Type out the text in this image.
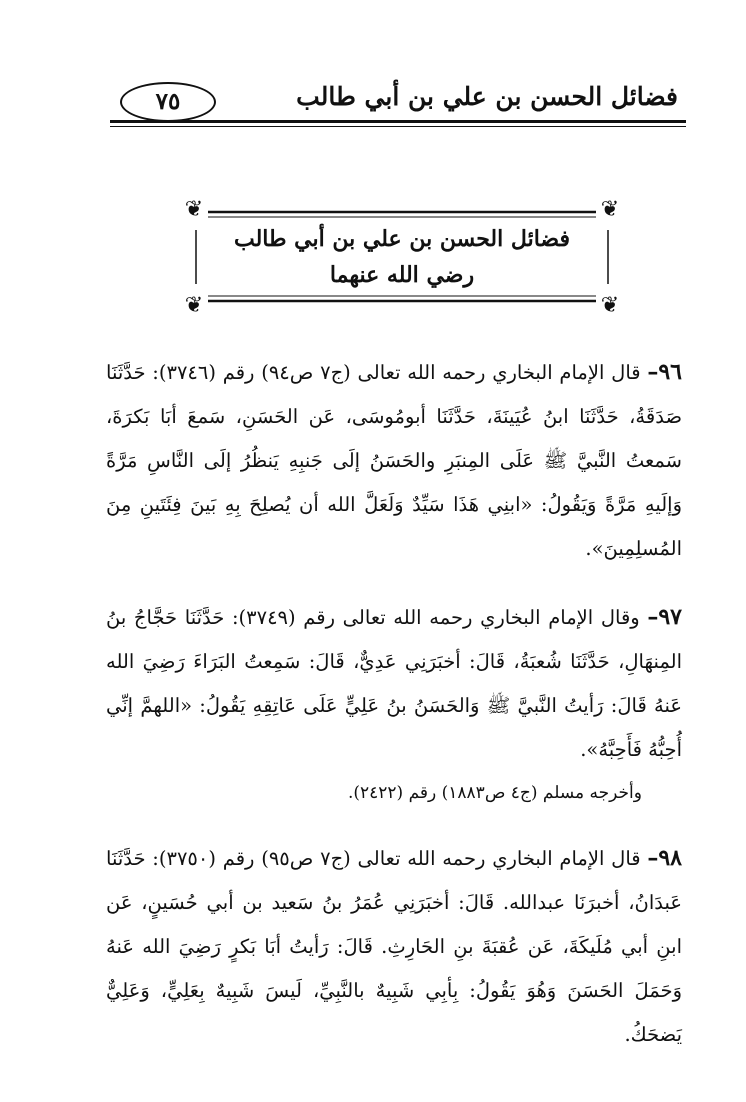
فضائل الحسن بن علي بن أبي طالب
٧٥
❦	❦
❦	❦
فضائل الحسن بن علي بن أبي طالب
رضي الله عنهما
٩٦– قال الإمام البخاري رحمه الله تعالى (ج٧ ص٩٤) رقم (٣٧٤٦): حَدَّثَنَا صَدَقَةُ، حَدَّثَنَا ابنُ عُيَينَةَ، حَدَّثَنَا أبومُوسَى، عَن الحَسَنِ، سَمعَ أبَا بَكرَةَ، سَمعتُ النَّبيَّ ﷺ عَلَى المِنبَرِ والحَسَنُ إلَى جَنبِهِ يَنظُرُ إلَى النَّاسِ مَرَّةً وَإلَيهِ مَرَّةً وَيَقُولُ: «ابنِي هَذَا سَيِّدٌ وَلَعَلَّ الله أن يُصلِحَ بِهِ بَينَ فِئَتَينِ مِنَ المُسلِمِينَ».
٩٧– وقال الإمام البخاري رحمه الله تعالى رقم (٣٧٤٩): حَدَّثَنَا حَجَّاجُ بنُ المِنهَالِ، حَدَّثَنَا شُعبَةُ، قَالَ: أخبَرَنِي عَدِيٌّ، قَالَ: سَمِعتُ البَرَاءَ رَضِيَ الله عَنهُ قَالَ: رَأيتُ النَّبيَّ ﷺ وَالحَسَنُ بنُ عَلِيٍّ عَلَى عَاتِقِهِ يَقُولُ: «اللهمَّ إنِّي أُحِبُّهُ فَأَحِبَّهُ».
وأخرجه مسلم (ج٤ ص١٨٨٣) رقم (٢٤٢٢).
٩٨– قال الإمام البخاري رحمه الله تعالى (ج٧ ص٩٥) رقم (٣٧٥٠): حَدَّثَنَا عَبدَانُ، أخبرَنَا عبدالله. قَالَ: أخبَرَنِي عُمَرُ بنُ سَعيد بن أبي حُسَينٍ، عَن ابنِ أبي مُلَيكَةَ، عَن عُقبَةَ بنِ الحَارِثِ. قَالَ: رَأيتُ أبَا بَكرٍ رَضِيَ الله عَنهُ وَحَمَلَ الحَسَنَ وَهُوَ يَقُولُ: بِأبِي شَبِيهٌ بالنَّبِيِّ، لَيسَ شَبِيهٌ بِعَلِيٍّ، وَعَلِيٌّ يَضحَكُ.
